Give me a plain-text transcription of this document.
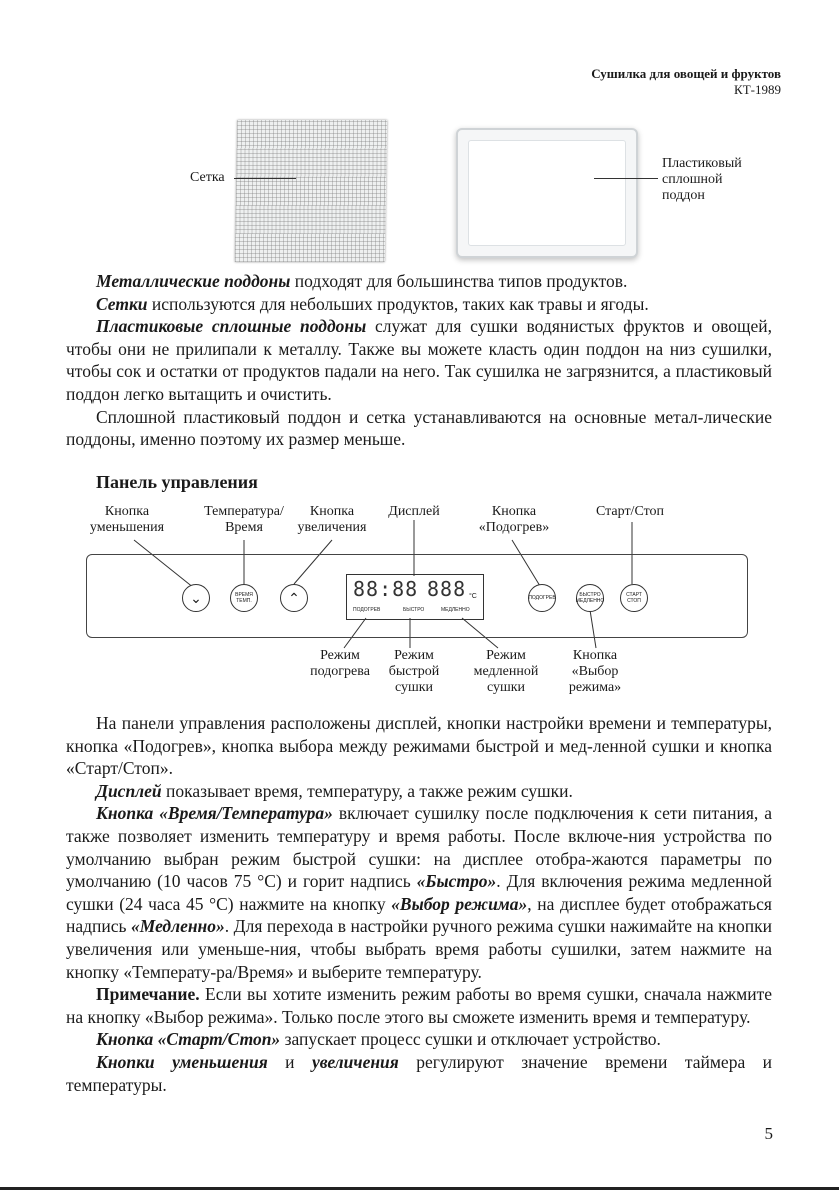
Сушилка для овощей и фруктов
КТ-1989
Сетка
Пластиковый
сплошной
поддон

Металлические поддоны подходят для большинства типов продуктов.

Сетки используются для небольших продуктов, таких как травы и ягоды.

Пластиковые сплошные поддоны служат для сушки водянистых фруктов и овощей, чтобы они не прилипали к металлу. Также вы можете класть один поддон на низ сушилки, чтобы сок и остатки от продуктов падали на него. Так сушилка не загрязнится, а пластиковый поддон легко вытащить и очистить.

Сплошной пластиковый поддон и сетка устанавливаются на основные метал-лические поддоны, именно поэтому их размер меньше.

Панель управления
Кнопка
уменьшения
Температура/
Время
Кнопка
увеличения
Дисплей	Кнопка
«Подогрев»
Старт/Стоп
⌄	ВРЕМЯ
ТЕМП.	⌃	88:88 888 °C
ПОДОГРЕВ	БЫСТРО	МЕДЛЕННО
ПОДОГРЕВ	БЫСТРО
МЕДЛЕННО
СТАРТ
СТОП
Режим
подогрева
Режим
быстрой
сушки
Режим
медленной
сушки
Кнопка
«Выбор
режима»

На панели управления расположены дисплей, кнопки настройки времени и температуры, кнопка «Подогрев», кнопка выбора между режимами быстрой и мед-ленной сушки и кнопка «Старт/Стоп».

Дисплей показывает время, температуру, а также режим сушки.

Кнопка «Время/Температура» включает сушилку после подключения к сети питания, а также позволяет изменить температуру и время работы. После включе-ния устройства по умолчанию выбран режим быстрой сушки: на дисплее отобра-жаются параметры по умолчанию (10 часов 75 °С) и горит надпись «Быстро». Для включения режима медленной сушки (24 часа 45 °С) нажмите на кнопку «Выбор режима», на дисплее будет отображаться надпись «Медленно». Для перехода в настройки ручного режима сушки нажимайте на кнопки увеличения или уменьше-ния, чтобы выбрать время работы сушилки, затем нажмите на кнопку «Температу-ра/Время» и выберите температуру.

Примечание. Если вы хотите изменить режим работы во время сушки, сначала нажмите на кнопку «Выбор режима». Только после этого вы сможете изменить время и температуру.

Кнопка «Старт/Стоп» запускает процесс сушки и отключает устройство.

Кнопки уменьшения и увеличения регулируют значение времени таймера и температуры.

5
